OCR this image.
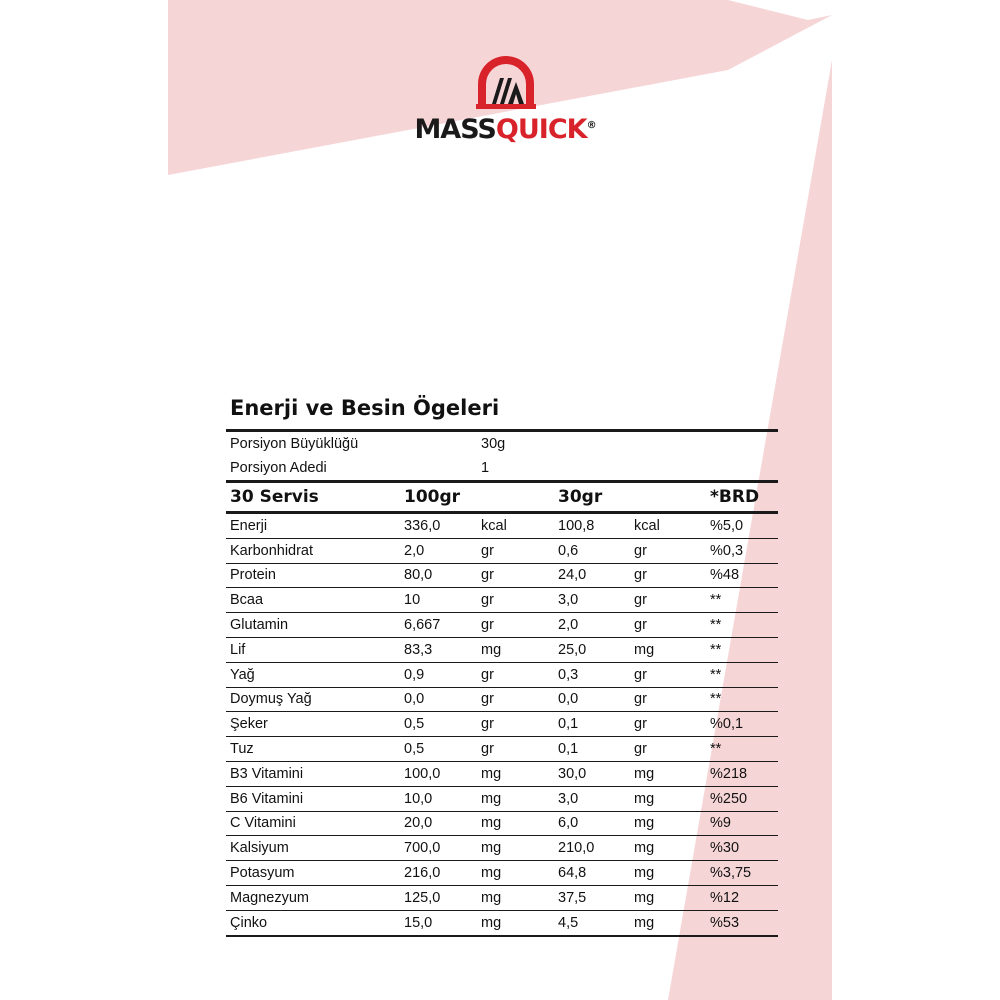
MASSQUICK®
Enerji ve Besin Ögeleri
Porsiyon Büyüklüğü	30g
Porsiyon Adedi	1
30 Servis	100gr	30gr	*BRD
Enerji	336,0	kcal	100,8	kcal	%5,0
Karbonhidrat	2,0	gr	0,6	gr	%0,3
Protein	80,0	gr	24,0	gr	%48
Bcaa	10	gr	3,0	gr	**
Glutamin	6,667	gr	2,0	gr	**
Lif	83,3	mg	25,0	mg	**
Yağ	0,9	gr	0,3	gr	**
Doymuş Yağ	0,0	gr	0,0	gr	**
Şeker	0,5	gr	0,1	gr	%0,1
Tuz	0,5	gr	0,1	gr	**
B3 Vitamini	100,0	mg	30,0	mg	%218
B6 Vitamini	10,0	mg	3,0	mg	%250
C Vitamini	20,0	mg	6,0	mg	%9
Kalsiyum	700,0	mg	210,0	mg	%30
Potasyum	216,0	mg	64,8	mg	%3,75
Magnezyum	125,0	mg	37,5	mg	%12
Çinko	15,0	mg	4,5	mg	%53
